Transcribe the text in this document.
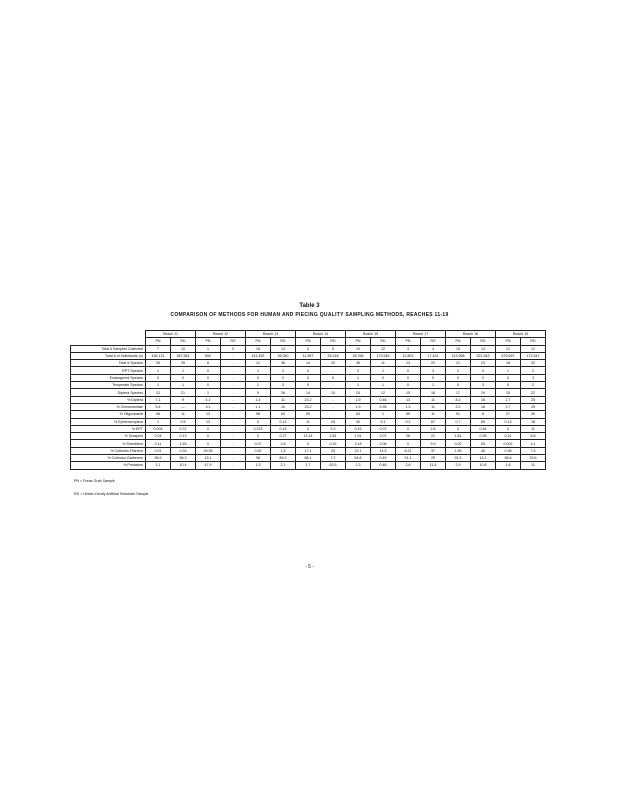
Table 3
COMPARISON OF METHODS FOR HUMAN AND PIECING QUALITY SAMPLING METHODS, REACHES 11-19
	Reach 11		Reach 12		Reach 13		Reach 14		Reach 15		Reach 17		Reach 18		Reach 19	
	PN	RD	PN	RD	PN	RD	PN	RD	PN	RD	PN	RD	PN	RD	PN	RD
Total # Samples Collected	7	10	1	0	16	14	5	5	10	12	3	4	15	14	12	12
Total # of Individuals (n)	436,131	367,581	550	-	411,493	39,040	11,967	25,318	28,766	179,545	12,801	17,431	313,998	521,543	579,697	172,547
Total # Species	35	35	6	-	12	38	14	20	36	11	13	20	21	23	18	32
RPT Species	1	1	0	-	1	3	0	-	2	1	0	3	2	0	1	2
Endangered Species	0	0	0	-	0	0	0	0	1	0	0	0	0	0	0	3
Temperate Species	1	1	0	-	1	3	0	-	1	1	0	1	0	3	0	2
Diptera Species	12	21	1	-	9	26	14	15	20	12	15	16	17	19	15	22
% Diptera	7.1	9	4.2	-	1.4	11	23.2	-	1.9	0.46	13	11	8.3	16	2.7	25
% Chironomidae	5.4	—	3.1	-	1.1	10	23.2	-	1.9	0.35	1.3	11	3.2	16	2.7	25
% Oligochaeta	96	11	13	-	98	64	55	-	63	1	59	11	91	8	27	26
% Ephemeroptera	1	0.5	13	-	0	0.13	11	25	30	9.1	0.2	67	0.7	69	0.13	18
% EPT	0.004	0.37	0	-	0.223	0.15	0	0.3	0.43	0.07	0	2.8	0	0.54	0	11
% Scrapers	0.04	0.13	0	-	0	0.27	13.14	2.81	1.91	0.07	28	21	1.81	0.35	0.31	5.8
% Shredders	0.11	1.53	0	-	0.07	2.8	0	0.32	3.18	0.06	0	9.9	0.02	25	0.002	3.1
% Collector-Filterers	0.01	0.33	29.35	-	0.52	1.5	17.1	25	23.1	14.5	6.21	37	1.55	48	0.38	7.5
% Collector-Gatherers	96.9	96.3	13.1	-	98	89.2	68.1	7.2	54.6	0.49	91.1	25	91.3	13.1	96.6	29.6
% Predators	2.1	10.4	47.9	-	1.3	2.1	1.7	63.5	2.3	0.46	2.8	11.4	2.9	10.8	1.6	11
PN = Ponar Grab Sample
RD = Hester-Dendy Artificial Substrate Sample
- 5 -
